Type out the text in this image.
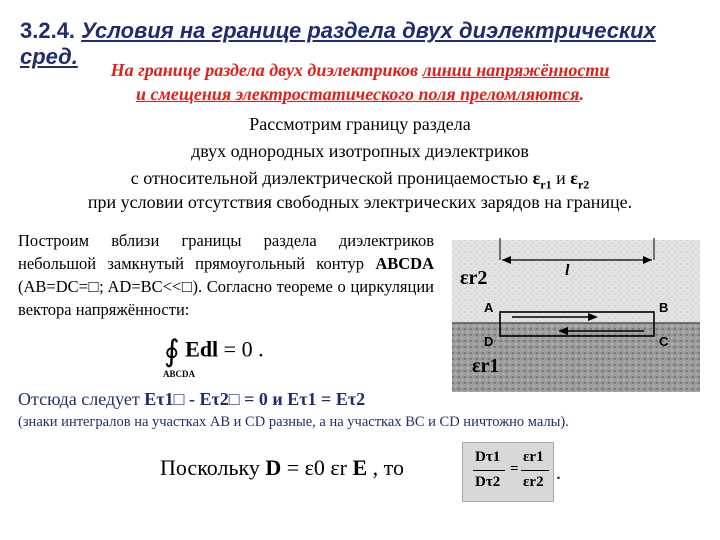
3.2.4. Условия на границе раздела двух диэлектрических сред.
На границе раздела двух диэлектриков линии напряжённости
и смещения электростатического поля преломляются.
Рассмотрим границу раздела
двух однородных изотропных диэлектриков
с относительной диэлектрической проницаемостью $\varepsilon_{r1}$ и $\varepsilon_{r2}$
при условии отсутствия свободных электрических зарядов на границе.
Построим вблизи границы раздела диэлектриков небольшой замкнутый прямоугольный контур ABCDA (AB=DC=□; AD=BC<<□). Согласно теореме о циркуляции вектора напряжённости:
∮ Edl = 0 .
ABCDA
Отсюда следует Eτ1□ - Eτ2□ = 0 и Eτ1 = Eτ2
(знаки интегралов на участках AB и CD разные, а на участках BC и CD ничтожно малы).
Поскольку D = ε0 εr E , то	Dτ1
Dτ2
=
εr1
εr2 .
εr2
εr1
l
A	B
D	C
